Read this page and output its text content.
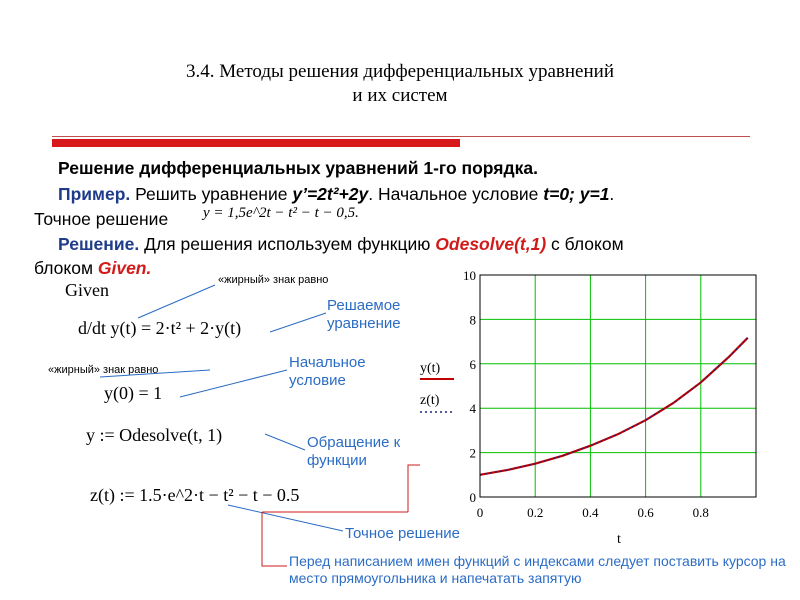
3.4. Методы решения дифференциальных уравнений
и их систем
Решение дифференциальных уравнений 1-го порядка.
Пример. Решить уравнение y’=2t²+2y. Начальное условие t=0; y=1.
Точное решение y = 1,5e^2t − t² − t − 0,5.
Решение. Для решения используем функцию Odesolve(t,1) с блоком
блоком Given.
Given
d/dt y(t) = 2·t² + 2·y(t)
y(0) = 1
y := Odesolve(t, 1)
z(t) := 1.5·e^2·t − t² − t − 0.5
«жирный» знак равно
«жирный» знак равно
Решаемое уравнение
Начальное условие
Обращение к функции
Точное решение
Перед написанием имен функций с индексами следует поставить курсор на место прямоугольника и напечатать запятую
0	0.2	0.4	0.6	0.8
0
2
4
6
8
10
y(t)
z(t)
t
